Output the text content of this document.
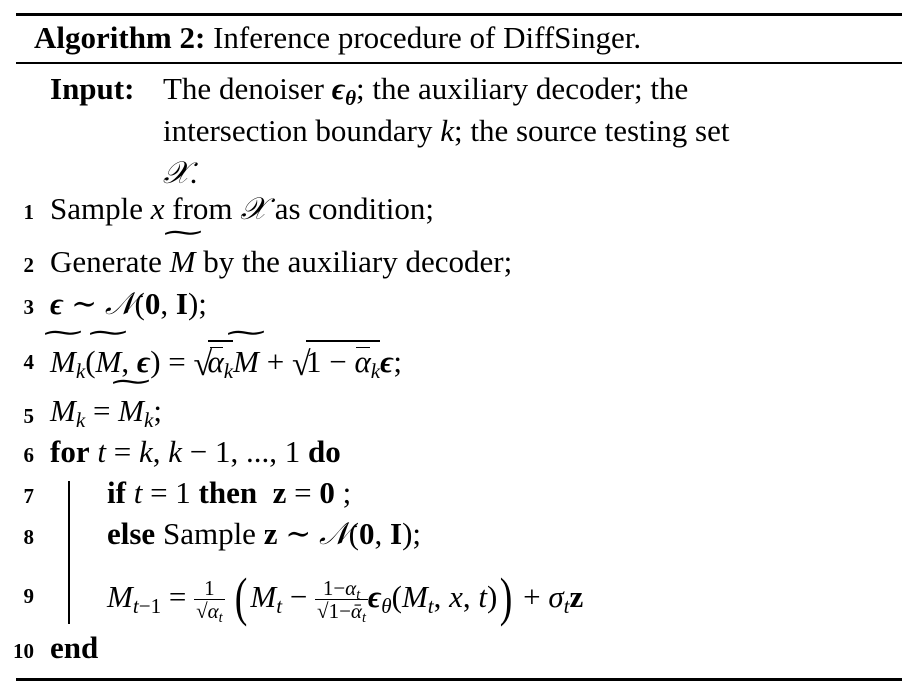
Algorithm 2: Inference procedure of DiffSinger.
Input: The denoiser $\epsilon_\theta$; the auxiliary decoder; the
intersection boundary k; the source testing set
𝒳.
1 Sample x from 𝒳 as condition;
2 Generate ∼ M by the auxiliary decoder;
3 ϵ ∼ 𝒩(0, I);
4
∼ $M_k(\sim$ M, ϵ) = √
$\alpha_k\sim$ M + √
$1 - \alpha_k\epsilon$;
5 $M_k$ = ∼ $M_k$;
6 for t = k, k − 1, ..., 1 do
7 if t = 1 then z = 0 ;
8 else Sample z ∼ 𝒩(0, I);
9 $M_{t-1} = \frac{1}{√\alpha_t} (M_t - \frac{1-\alpha_t}{√1-ᾱ_t} \epsilon_\theta(M_t$, x, $t)) + \sigma_tz$
10 end
